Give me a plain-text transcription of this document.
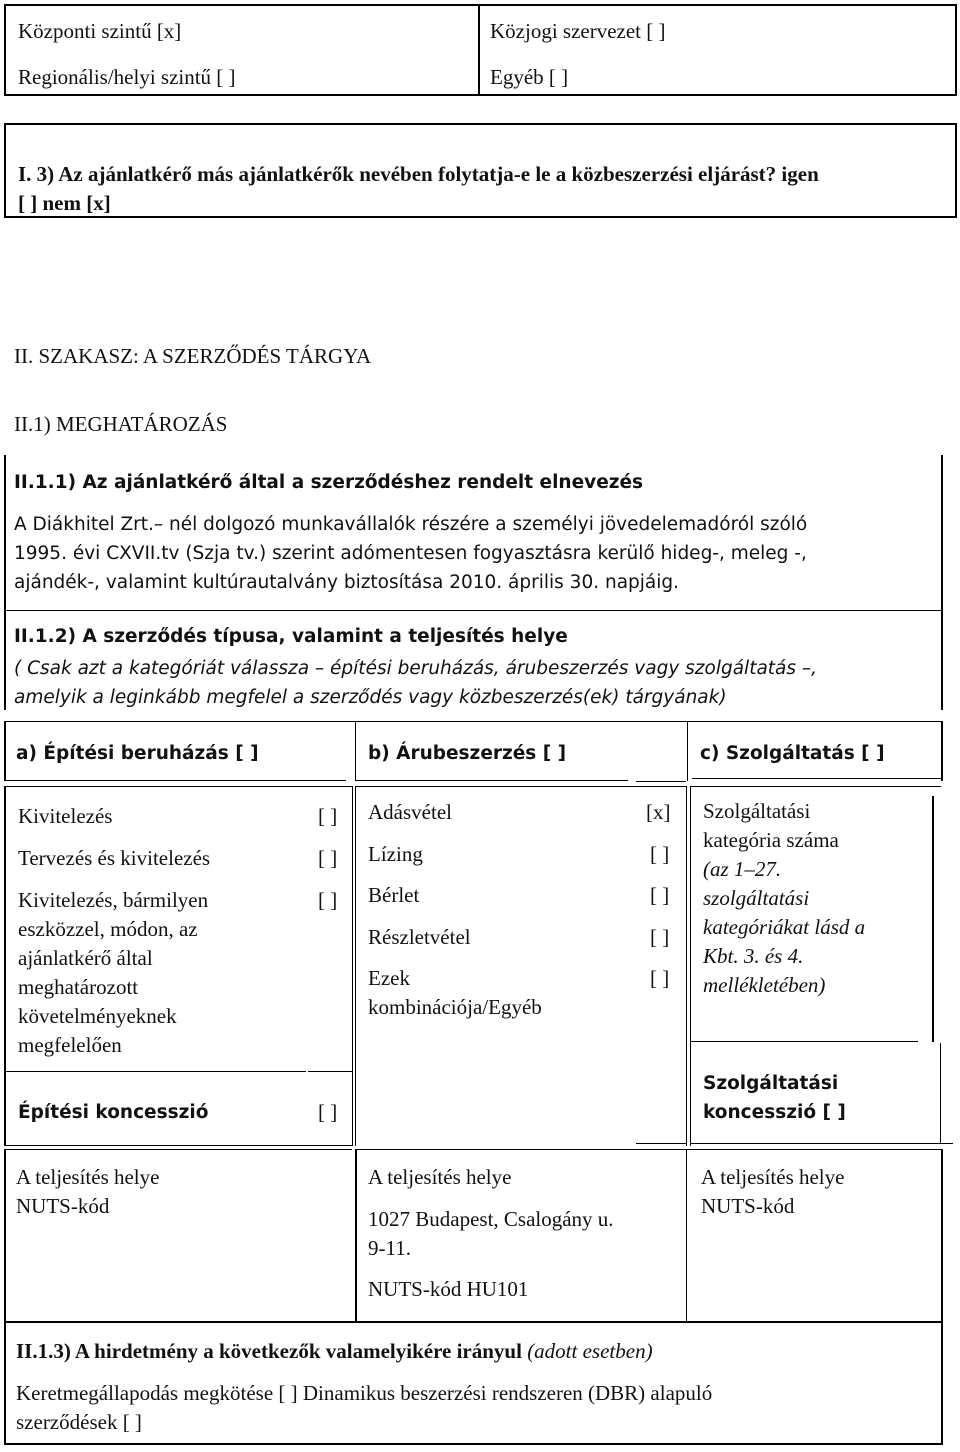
Központi szintű [x]	Közjogi szervezet [ ]
Regionális/helyi szintű [ ]	Egyéb [ ]
I. 3) Az ajánlatkérő más ajánlatkérők nevében folytatja-e le a közbeszerzési eljárást? igen
[ ] nem [x]
II. SZAKASZ: A SZERZŐDÉS TÁRGYA
II.1) MEGHATÁROZÁS
II.1.1) Az ajánlatkérő által a szerződéshez rendelt elnevezés
A Diákhitel Zrt.– nél dolgozó munkavállalók részére a személyi jövedelemadóról szóló
1995. évi CXVII.tv (Szja tv.) szerint adómentesen fogyasztásra kerülő hideg-, meleg -,
ajándék-, valamint kultúrautalvány biztosítása 2010. április 30. napjáig.
II.1.2) A szerződés típusa, valamint a teljesítés helye
( Csak azt a kategóriát válassza – építési beruházás, árubeszerzés vagy szolgáltatás –,
amelyik a leginkább megfelel a szerződés vagy közbeszerzés(ek) tárgyának)
a) Építési beruházás [ ]	b) Árubeszerzés [ ]	c) Szolgáltatás [ ]
Kivitelezés	[ ]
Tervezés és kivitelezés	[ ]
Kivitelezés, bármilyen	[ ]
eszközzel, módon, az
ajánlatkérő által
meghatározott
követelményeknek
megfelelően
Építési koncesszió	[ ]
Adásvétel	[x]
Lízing	[ ]
Bérlet	[ ]
Részletvétel	[ ]
Ezek	[ ]
kombinációja/Egyéb
Szolgáltatási
kategória száma
(az 1–27.
szolgáltatási
kategóriákat lásd a
Kbt. 3. és 4.
mellékletében)
Szolgáltatási
koncesszió [ ]
A teljesítés helye
NUTS-kód
A teljesítés helye
1027 Budapest, Csalogány u.
9-11.
NUTS-kód HU101
A teljesítés helye
NUTS-kód
II.1.3) A hirdetmény a következők valamelyikére irányul (adott esetben)
Keretmegállapodás megkötése [ ] Dinamikus beszerzési rendszeren (DBR) alapuló
szerződések [ ]
